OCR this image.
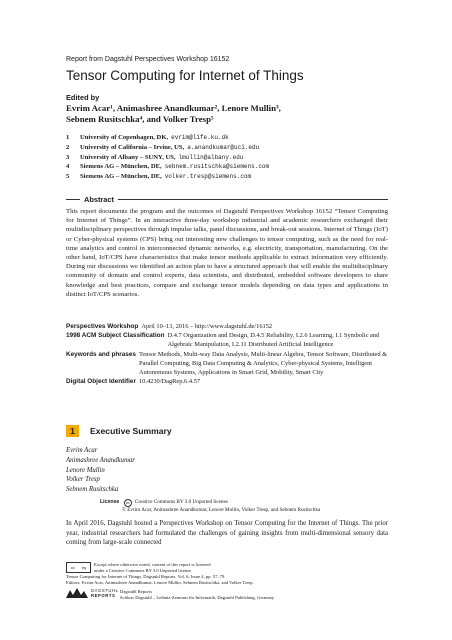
Report from Dagstuhl Perspectives Workshop 16152
Tensor Computing for Internet of Things
Edited by
Evrim Acar¹, Animashree Anandkumar², Lenore Mullin³,
Sebnem Rusitschka⁴, and Volker Tresp⁵
1	University of Copenhagen, DK, evrim@life.ku.dk
2	University of California – Irvine, US, a.anandkumar@uci.edu
3	University of Albany – SUNY, US, lmullin@albany.edu
4	Siemens AG – München, DE, sebnem.rusitschka@siemens.com
5	Siemens AG – München, DE, volker.tresp@siemens.com
Abstract
This report documents the program and the outcomes of Dagstuhl Perspectives Workshop 16152 “Tensor Computing for Internet of Things”. In an interactive three-day workshop industrial and academic researchers exchanged their multidisciplinary perspectives through impulse talks, panel discussions, and break-out sessions. Internet of Things (IoT) or Cyber-physical systems (CPS) bring out interesting new challenges to tensor computing, such as the need for real-time analytics and control in interconnected dynamic networks, e.g. electricity, transportation, manufacturing. On the other hand, IoT/CPS have characteristics that make tensor methods applicable to extract information very efficiently. During our discussions we identified an action plan to have a structured approach that will enable the multidisciplinary community of domain and control experts, data scientists, and distributed, embedded software developers to share knowledge and best practices, compare and exchange tensor models depending on data types and applications in distinct IoT/CPS scenarios.
Perspectives Workshop April 10–13, 2016 – http://www.dagstuhl.de/16152
1998 ACM Subject Classification D.4.7 Organization and Design, D.4.5 Reliability, I.2.6 Learning, I.1 Symbolic and Algebraic Manipulation, I.2.11 Distributed Artificial Intelligence
Keywords and phrases Tensor Methods, Multi-way Data Analysis, Multi-linear Algebra, Tensor Software, Distributed & Parallel Computing, Big Data Computing & Analytics, Cyber-physical Systems, Intelligent Autonomous Systems, Applications in Smart Grid, Mobility, Smart City
Digital Object Identifier 10.4230/DagRep.6.4.57
1	Executive Summary
Evrim Acar
Animashree Anandkumar
Lenore Mullin
Volker Tresp
Sebnem Rusitschka
License cc Creative Commons BY 3.0 Unported license
© Evrim Acar, Animashree Anandkumar, Lenore Mullin, Volker Tresp, and Sebnem Rusitschka
In April 2016, Dagstuhl hosted a Perspectives Workshop on Tensor Computing for the Internet of Things. The prior year, industrial researchers had formulated the challenges of gaining insights from multi-dimensional sensory data coming from large-scale connected
cc by
Except where otherwise noted, content of this report is licensed
under a Creative Commons BY 3.0 Unported license
Tensor Computing for Internet of Things, Dagstuhl Reports, Vol. 6, Issue 4, pp. 57–79
Editors: Evrim Acar, Animashree Anandkumar, Lenore Mullin, Sebnem Rusitschka, and Volker Tresp
DAGSTUHL
REPORTS
Dagstuhl Reports
Schloss Dagstuhl – Leibniz-Zentrum für Informatik, Dagstuhl Publishing, Germany
